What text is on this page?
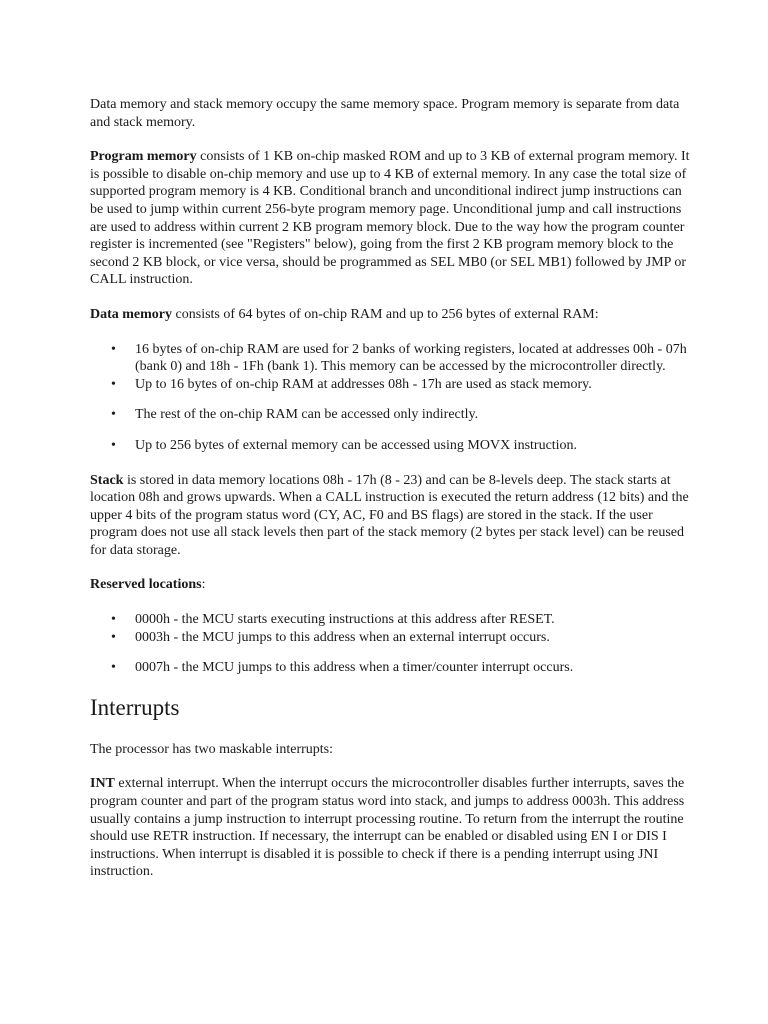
Data memory and stack memory occupy the same memory space. Program memory is separate from data and stack memory.

Program memory consists of 1 KB on-chip masked ROM and up to 3 KB of external program memory. It is possible to disable on-chip memory and use up to 4 KB of external memory. In any case the total size of supported program memory is 4 KB. Conditional branch and unconditional indirect jump instructions can be used to jump within current 256-byte program memory page. Unconditional jump and call instructions are used to address within current 2 KB program memory block. Due to the way how the program counter register is incremented (see "Registers" below), going from the first 2 KB program memory block to the second 2 KB block, or vice versa, should be programmed as SEL MB0 (or SEL MB1) followed by JMP or CALL instruction.

Data memory consists of 64 bytes of on-chip RAM and up to 256 bytes of external RAM:

• 16 bytes of on-chip RAM are used for 2 banks of working registers, located at addresses 00h - 07h (bank 0) and 18h - 1Fh (bank 1). This memory can be accessed by the microcontroller directly.
• Up to 16 bytes of on-chip RAM at addresses 08h - 17h are used as stack memory.
• The rest of the on-chip RAM can be accessed only indirectly.
• Up to 256 bytes of external memory can be accessed using MOVX instruction.

Stack is stored in data memory locations 08h - 17h (8 - 23) and can be 8-levels deep. The stack starts at location 08h and grows upwards. When a CALL instruction is executed the return address (12 bits) and the upper 4 bits of the program status word (CY, AC, F0 and BS flags) are stored in the stack. If the user program does not use all stack levels then part of the stack memory (2 bytes per stack level) can be reused for data storage.

Reserved locations:

• 0000h - the MCU starts executing instructions at this address after RESET.
• 0003h - the MCU jumps to this address when an external interrupt occurs.
• 0007h - the MCU jumps to this address when a timer/counter interrupt occurs.
Interrupts

The processor has two maskable interrupts:

INT external interrupt. When the interrupt occurs the microcontroller disables further interrupts, saves the program counter and part of the program status word into stack, and jumps to address 0003h. This address usually contains a jump instruction to interrupt processing routine. To return from the interrupt the routine should use RETR instruction. If necessary, the interrupt can be enabled or disabled using EN I or DIS I instructions. When interrupt is disabled it is possible to check if there is a pending interrupt using JNI instruction.
